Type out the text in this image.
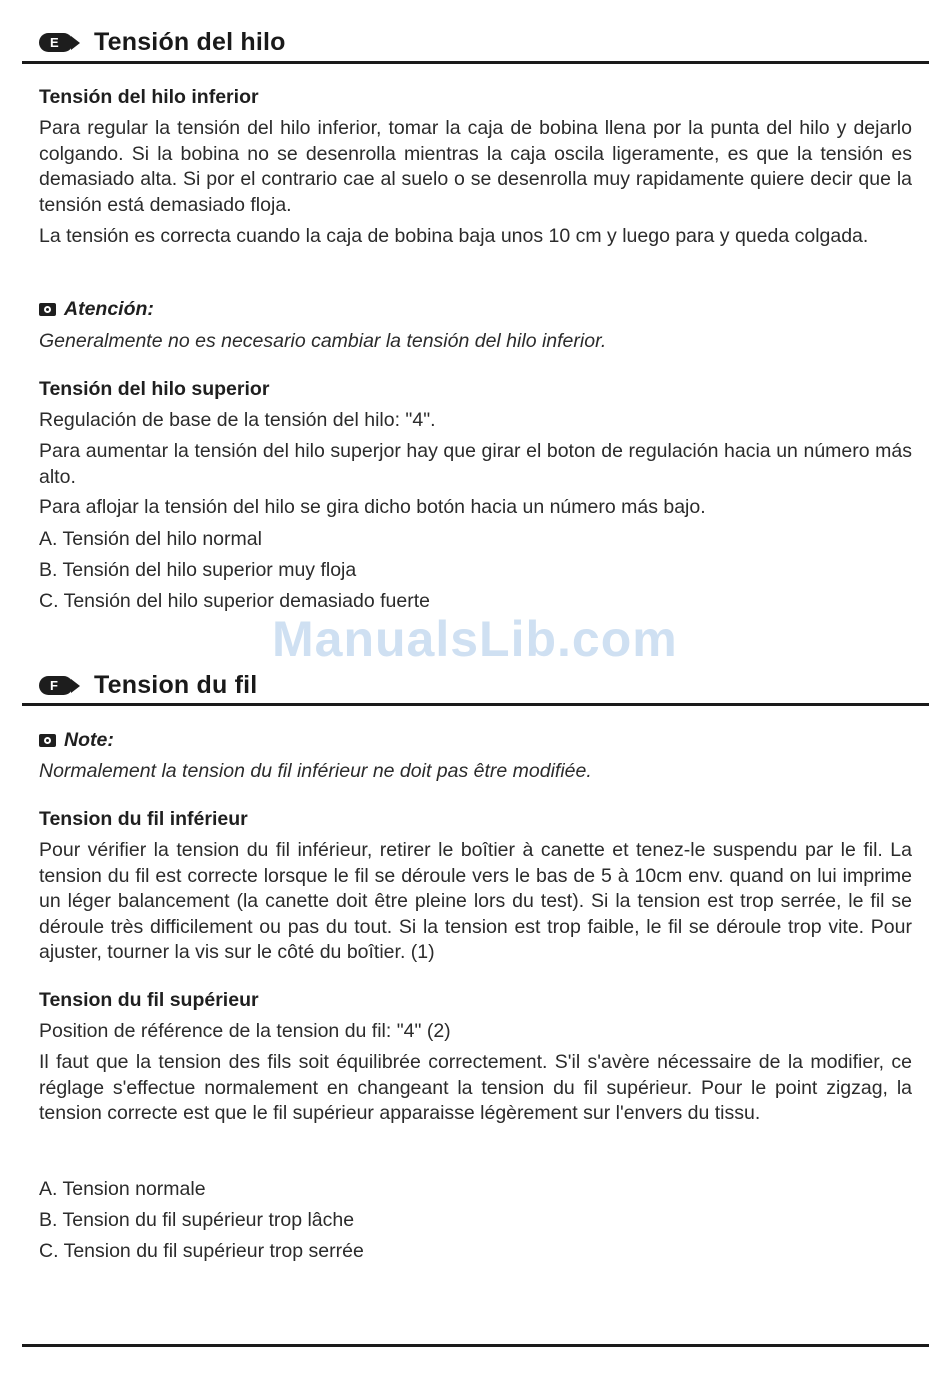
E	Tensión del hilo
Tensión del hilo inferior
Para regular la tensión del hilo inferior, tomar la caja de bobina llena por la punta del hilo y dejarlo colgando. Si la bobina no se desenrolla mientras la caja oscila ligeramente, es que la tensión es demasiado alta. Si por el contrario cae al suelo o se desenrolla muy rapidamente quiere decir que la tensión está demasiado floja.
La tensión es correcta cuando la caja de bobina baja unos 10 cm y luego para y queda colgada.
Atención:
Generalmente no es necesario cambiar la tensión del hilo inferior.
Tensión del hilo superior
Regulación de base de la tensión del hilo: "4".
Para aumentar la tensión del hilo superjor hay que girar el boton de regulación hacia un número más alto.
Para aflojar la tensión del hilo se gira dicho botón hacia un número más bajo.
A. Tensión del hilo normal
B. Tensión del hilo superior muy floja
C. Tensión del hilo superior demasiado fuerte
F	Tension du fil
Note:
Normalement la tension du fil inférieur ne doit pas être modifiée.
Tension du fil inférieur
Pour vérifier la tension du fil inférieur, retirer le boîtier à canette et tenez-le suspendu par le fil. La tension du fil est correcte lorsque le fil se déroule vers le bas de 5 à 10cm env. quand on lui imprime un léger balancement (la canette doit être pleine lors du test). Si la tension est trop serrée, le fil se déroule très difficilement ou pas du tout. Si la tension est trop faible, le fil se déroule trop vite. Pour ajuster, tourner la vis sur le côté du boîtier. (1)
Tension du fil supérieur
Position de référence de la tension du fil: "4" (2)
Il faut que la tension des fils soit équilibrée correctement. S'il s'avère nécessaire de la modifier, ce réglage s'effectue normalement en changeant la tension du fil supérieur. Pour le point zigzag, la tension correcte est que le fil supérieur apparaisse légèrement sur l'envers du tissu.
A. Tension normale
B. Tension du fil supérieur trop lâche
C. Tension du fil supérieur trop serrée
ManualsLib.com
